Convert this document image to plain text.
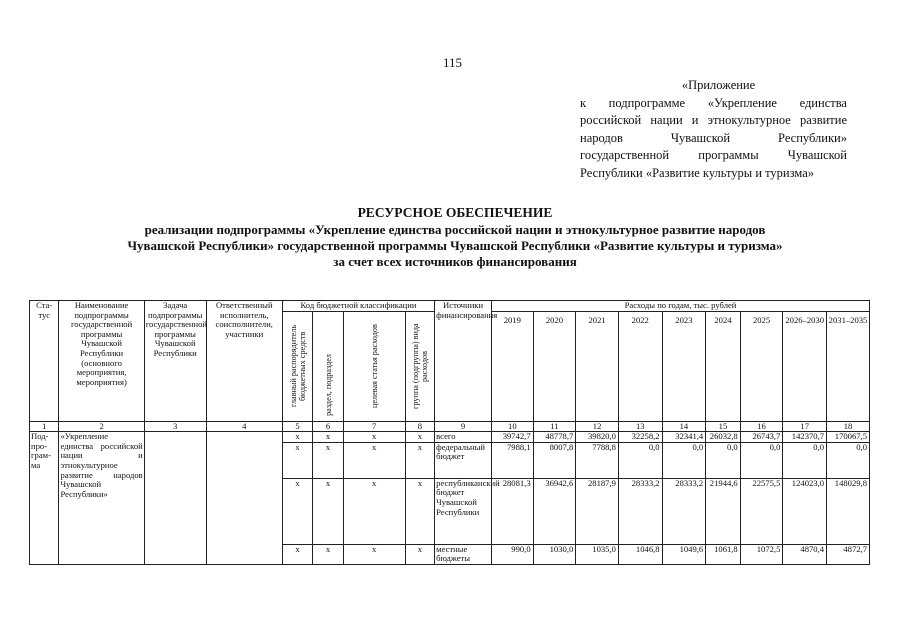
115
«Приложение
к подпрограмме «Укрепление единства российской нации и этнокультурное развитие народов Чувашской Республики» государственной программы Чувашской Республики «Развитие культуры и туризма»
РЕСУРСНОЕ ОБЕСПЕЧЕНИЕ
реализации подпрограммы «Укрепление единства российской нации и этнокультурное развитие народов
Чувашской Республики» государственной программы Чувашской Республики «Развитие культуры и туризма»
за счет всех источников финансирования
Ста-тус	Наименование подпрограммы государственной программы Чувашской Республики (основного мероприятия, мероприятия)	Задача подпрограммы государственной программы Чувашской Республики	Ответственный исполнитель, соисполнители, участники	Код бюджетной классификации				Источники финансирования	Расходы по годам, тыс. рублей								
				главный распорядитель бюджетных средств	раздел, подраздел	целевая статья расходов	группа (подгруппа) вида расходов		2019	2020	2021	2022	2023	2024	2025	2026–2030	2031–2035

1	2	3	4	5	6	7	8	9	10	11	12	13	14	15	16	17	18
Под-про-грам-ма	«Укрепление единства российской нации и этнокультурное развитие народов Чувашской Республики»			x	x	x	x	всего	39742,7	48778,7	39820,0	32258,2	32341,4	26032,8	26743,7	142370,7	170067,5
				x	x	x	x	федеральный бюджет	7988,1	8007,8	7788,8	0,0	0,0	0,0	0,0	0,0	0,0
				x	x	x	x	республиканский бюджет Чувашской Республики	28081,3	36942,6	28187,9	28333,2	28333,2	21944,6	22575,5	124023,0	148029,8
				x	x	x	x	местные бюджеты	990,0	1030,0	1035,0	1046,8	1049,6	1061,8	1072,5	4870,4	4872,7
